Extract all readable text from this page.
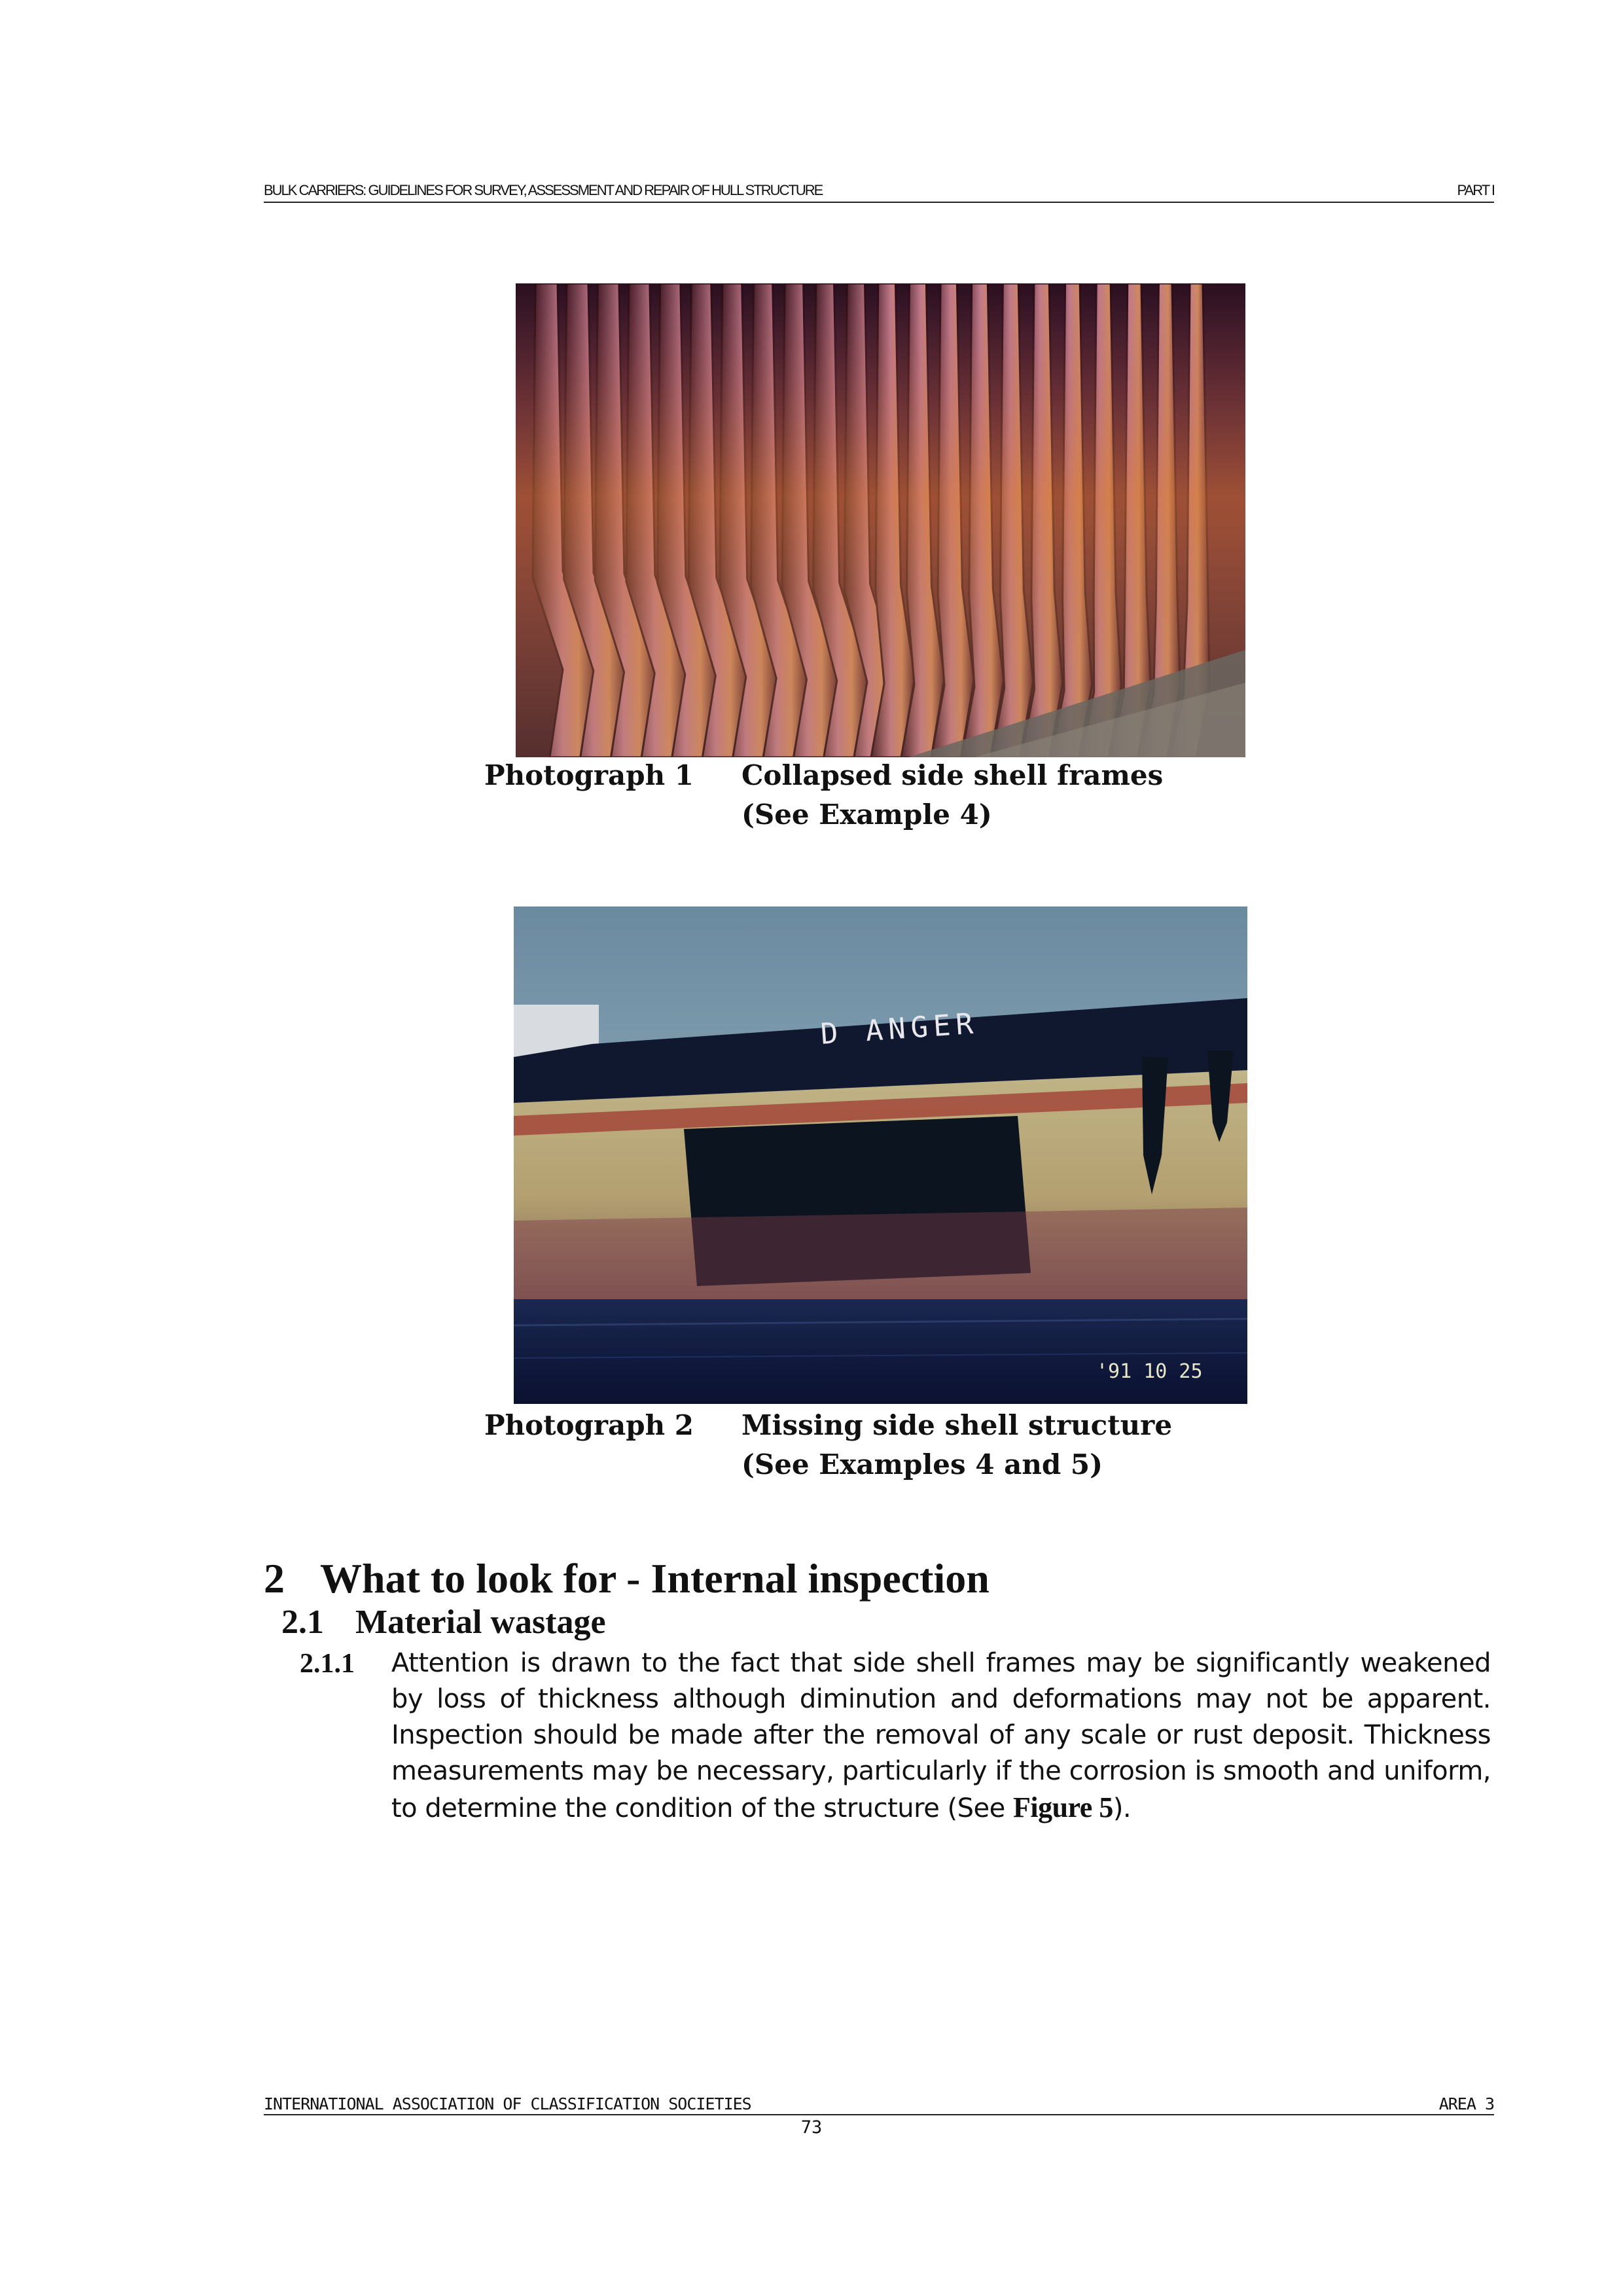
BULK CARRIERS: GUIDELINES FOR SURVEY, ASSESSMENT AND REPAIR OF HULL STRUCTURE	PART I
Photograph 1 Collapsed side shell frames (See Example 4)
D ANGER
'91 10 25
Photograph 2 Missing side shell structure (See Examples 4 and 5)
2 What to look for - Internal inspection
2.1 Material wastage
2.1.1 Attention is drawn to the fact that side shell frames may be significantly weakened by loss of thickness although diminution and deformations may not be apparent. Inspection should be made after the removal of any scale or rust deposit. Thickness measurements may be necessary, particularly if the corrosion is smooth and uniform, to determine the condition of the structure (See Figure 5).
INTERNATIONAL ASSOCIATION OF CLASSIFICATION SOCIETIES	AREA 3
73
